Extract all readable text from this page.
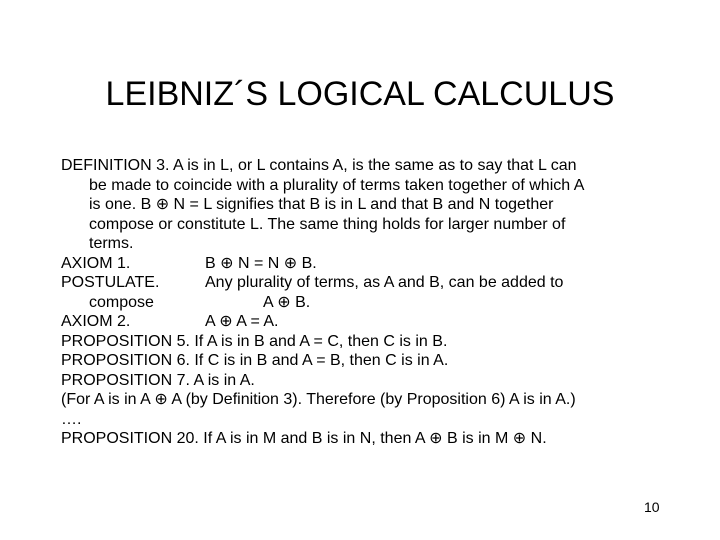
LEIBNIZ´S LOGICAL CALCULUS
DEFINITION 3. A is in L, or L contains A, is the same as to say that L can
be made to coincide with a plurality of terms taken together of which A
is one. B ⊕ N = L signifies that B is in L and that B and N together
compose or constitute L. The same thing holds for larger number of
terms.
AXIOM 1.	B ⊕ N = N ⊕ B.
POSTULATE.	Any plurality of terms, as A and B, can be added to
compose	A ⊕ B.
AXIOM 2.	A ⊕ A = A.
PROPOSITION 5. If A is in B and A = C, then C is in B.
PROPOSITION 6. If C is in B and A = B, then C is in A.
PROPOSITION 7. A is in A.
(For A is in A ⊕ A (by Definition 3). Therefore (by Proposition 6) A is in A.)
….
PROPOSITION 20. If A is in M and B is in N, then A ⊕ B is in M ⊕ N.
10
